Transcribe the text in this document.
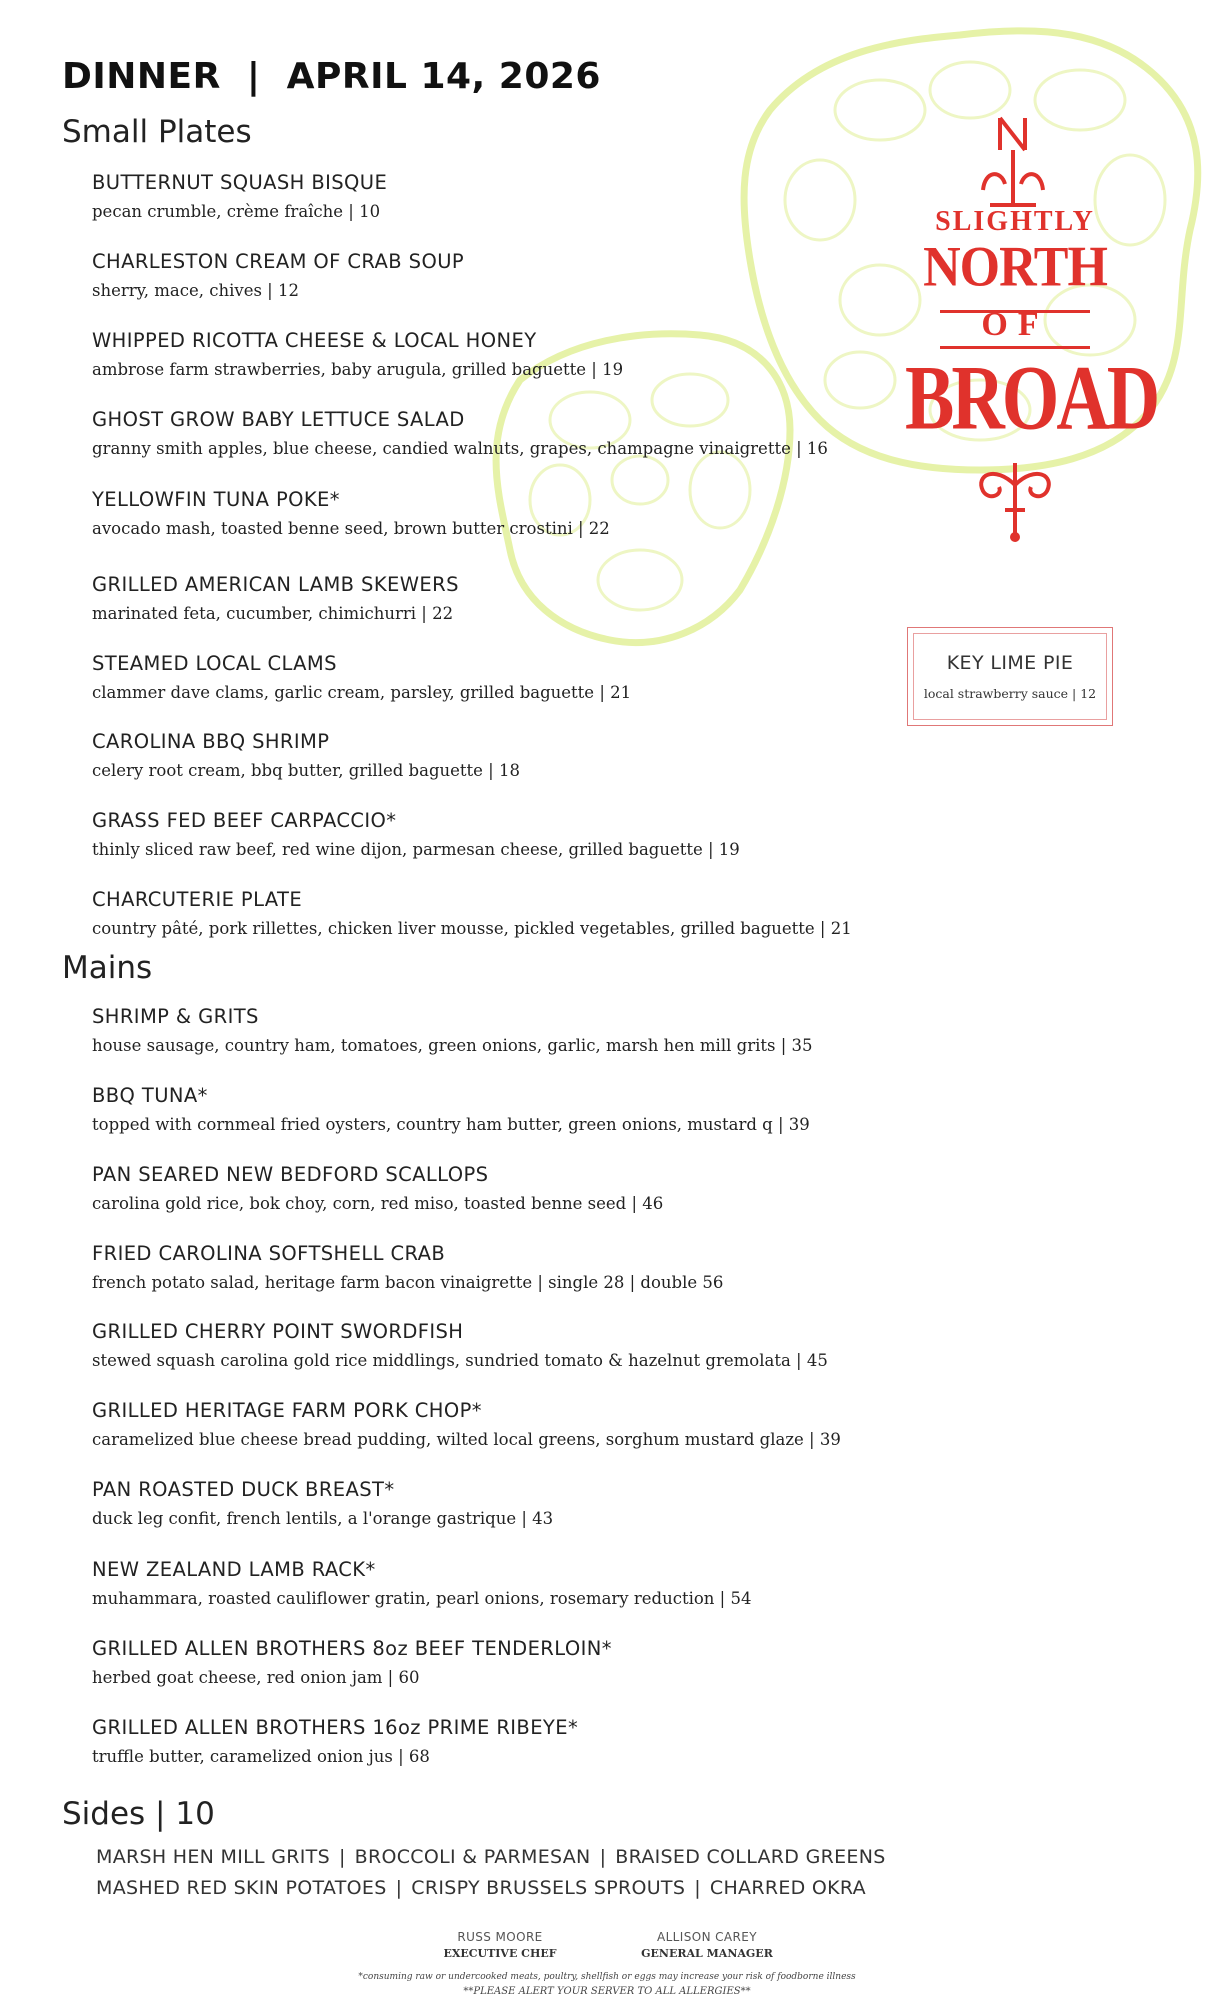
SLIGHTLY

NORTH

OF

BROAD

DINNER  |  APRIL 14, 2026
Small Plates
BUTTERNUT SQUASH BISQUE
pecan crumble, crème fraîche | 10
CHARLESTON CREAM OF CRAB SOUP
sherry, mace, chives | 12
WHIPPED RICOTTA CHEESE & LOCAL HONEY
ambrose farm strawberries, baby arugula, grilled baguette | 19
GHOST GROW BABY LETTUCE SALAD
granny smith apples, blue cheese, candied walnuts, grapes, champagne vinaigrette | 16
YELLOWFIN TUNA POKE*
avocado mash, toasted benne seed, brown butter crostini | 22
GRILLED AMERICAN LAMB SKEWERS
marinated feta, cucumber, chimichurri | 22
STEAMED LOCAL CLAMS
clammer dave clams, garlic cream, parsley, grilled baguette | 21
CAROLINA BBQ SHRIMP
celery root cream, bbq butter, grilled baguette | 18
GRASS FED BEEF CARPACCIO*
thinly sliced raw beef, red wine dijon, parmesan cheese, grilled baguette | 19
CHARCUTERIE PLATE
country pâté, pork rillettes, chicken liver mousse, pickled vegetables, grilled baguette | 21
Mains
SHRIMP & GRITS
house sausage, country ham, tomatoes, green onions, garlic, marsh hen mill grits | 35
BBQ TUNA*
topped with cornmeal fried oysters, country ham butter, green onions, mustard q | 39
PAN SEARED NEW BEDFORD SCALLOPS
carolina gold rice, bok choy, corn, red miso, toasted benne seed | 46
FRIED CAROLINA SOFTSHELL CRAB
french potato salad, heritage farm bacon vinaigrette | single 28 | double 56
GRILLED CHERRY POINT SWORDFISH
stewed squash carolina gold rice middlings, sundried tomato & hazelnut gremolata | 45
GRILLED HERITAGE FARM PORK CHOP*
caramelized blue cheese bread pudding, wilted local greens, sorghum mustard glaze | 39
PAN ROASTED DUCK BREAST*
duck leg confit, french lentils, a l'orange gastrique | 43
NEW ZEALAND LAMB RACK*
muhammara, roasted cauliflower gratin, pearl onions, rosemary reduction | 54
GRILLED ALLEN BROTHERS 8oz BEEF TENDERLOIN*
herbed goat cheese, red onion jam | 60
GRILLED ALLEN BROTHERS 16oz PRIME RIBEYE*
truffle butter, caramelized onion jus | 68
Sides | 10
MARSH HEN MILL GRITS | BROCCOLI & PARMESAN | BRAISED COLLARD GREENS
MASHED RED SKIN POTATOES | CRISPY BRUSSELS SPROUTS | CHARRED OKRA
KEY LIME PIE
local strawberry sauce | 12
RUSS MOORE
EXECUTIVE CHEF
ALLISON CAREY
GENERAL MANAGER
*consuming raw or undercooked meats, poultry, shellfish or eggs may increase your risk of foodborne illness
**PLEASE ALERT YOUR SERVER TO ALL ALLERGIES**
